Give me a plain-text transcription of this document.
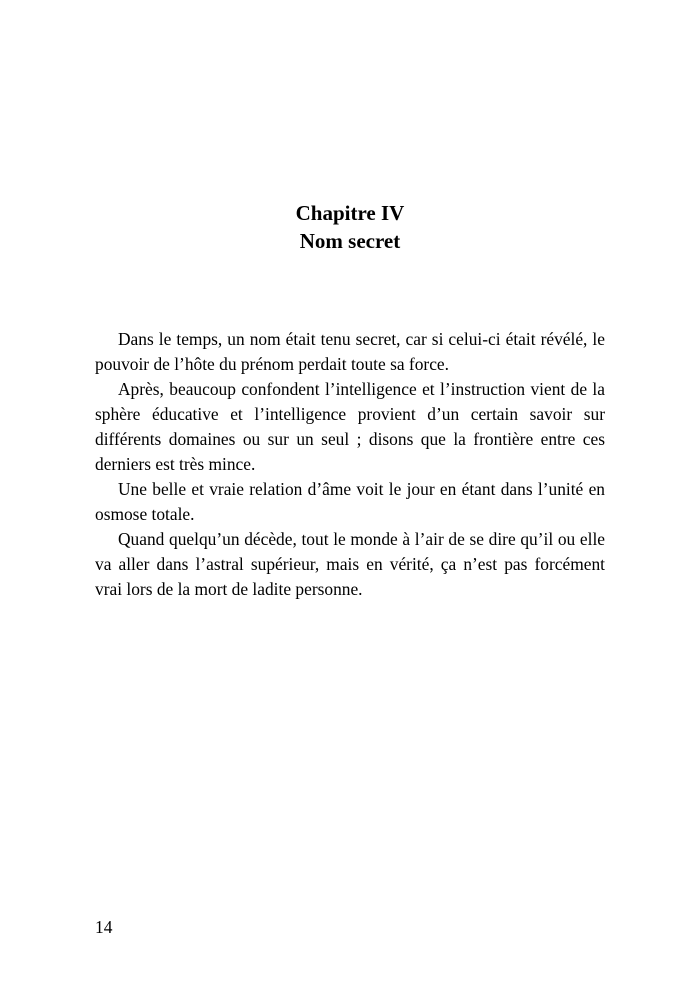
Chapitre IV
Nom secret

Dans le temps, un nom était tenu secret, car si celui-ci était révélé, le pouvoir de l’hôte du prénom perdait toute sa force.

Après, beaucoup confondent l’intelligence et l’instruction vient de la sphère éducative et l’intelligence provient d’un certain savoir sur différents domaines ou sur un seul ; disons que la frontière entre ces derniers est très mince.

Une belle et vraie relation d’âme voit le jour en étant dans l’unité en osmose totale.

Quand quelqu’un décède, tout le monde à l’air de se dire qu’il ou elle va aller dans l’astral supérieur, mais en vérité, ça n’est pas forcément vrai lors de la mort de ladite personne.

14
